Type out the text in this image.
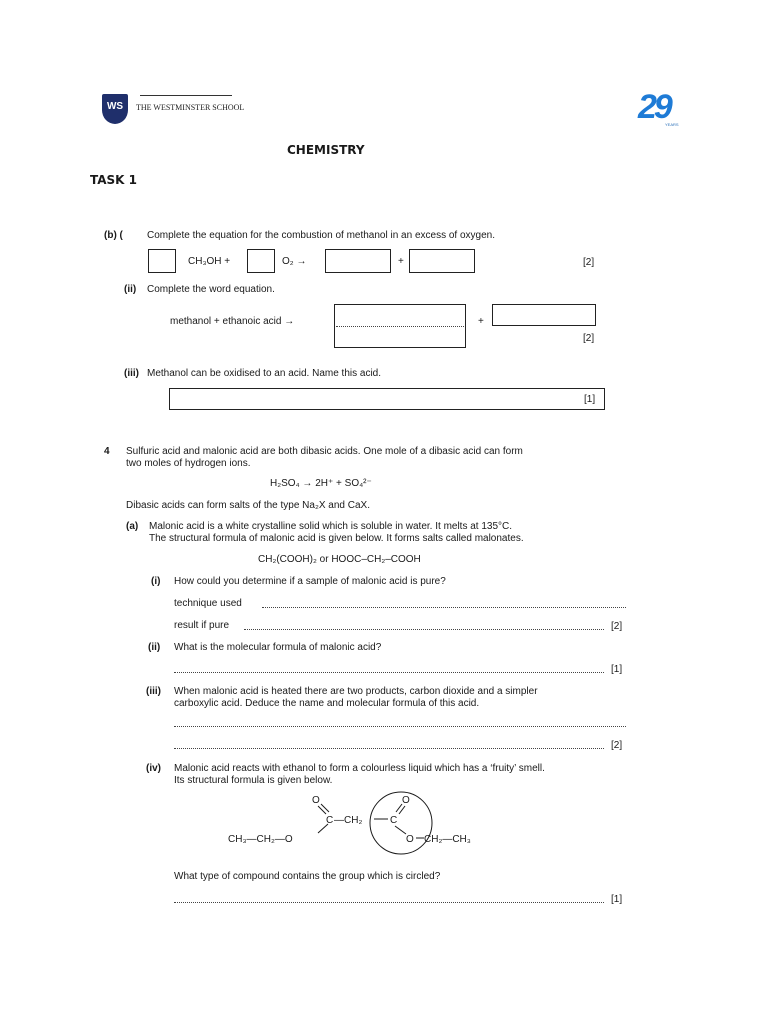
WS	THE WESTMINSTER SCHOOL	29
YEARS
CHEMISTRY
TASK 1
(b) ( Complete the equation for the combustion of methanol in an excess of oxygen.
CH₃OH +	O₂ →	+	[2]
(ii) Complete the word equation.
methanol + ethanoic acid →	+
[2]
(iii) Methanol can be oxidised to an acid. Name this acid.
[1]
4 Sulfuric acid and malonic acid are both dibasic acids. One mole of a dibasic acid can form
two moles of hydrogen ions.
H₂SO₄ → 2H⁺ + SO₄²⁻
Dibasic acids can form salts of the type Na₂X and CaX.
(a) Malonic acid is a white crystalline solid which is soluble in water. It melts at 135°C.
The structural formula of malonic acid is given below. It forms salts called malonates.
CH₂(COOH)₂ or HOOC–CH₂–COOH
(i) How could you determine if a sample of malonic acid is pure?
technique used
result if pure	[2]
(ii) What is the molecular formula of malonic acid?
[1]
(iii) When malonic acid is heated there are two products, carbon dioxide and a simpler
carboxylic acid. Deduce the name and molecular formula of this acid.
[2]
(iv) Malonic acid reacts with ethanol to form a colourless liquid which has a ‘fruity’ smell.
Its structural formula is given below.
CH₃—CH₂—O
C
O
—CH₂	C
O
O CH₂—CH₃
What type of compound contains the group which is circled?
[1]
